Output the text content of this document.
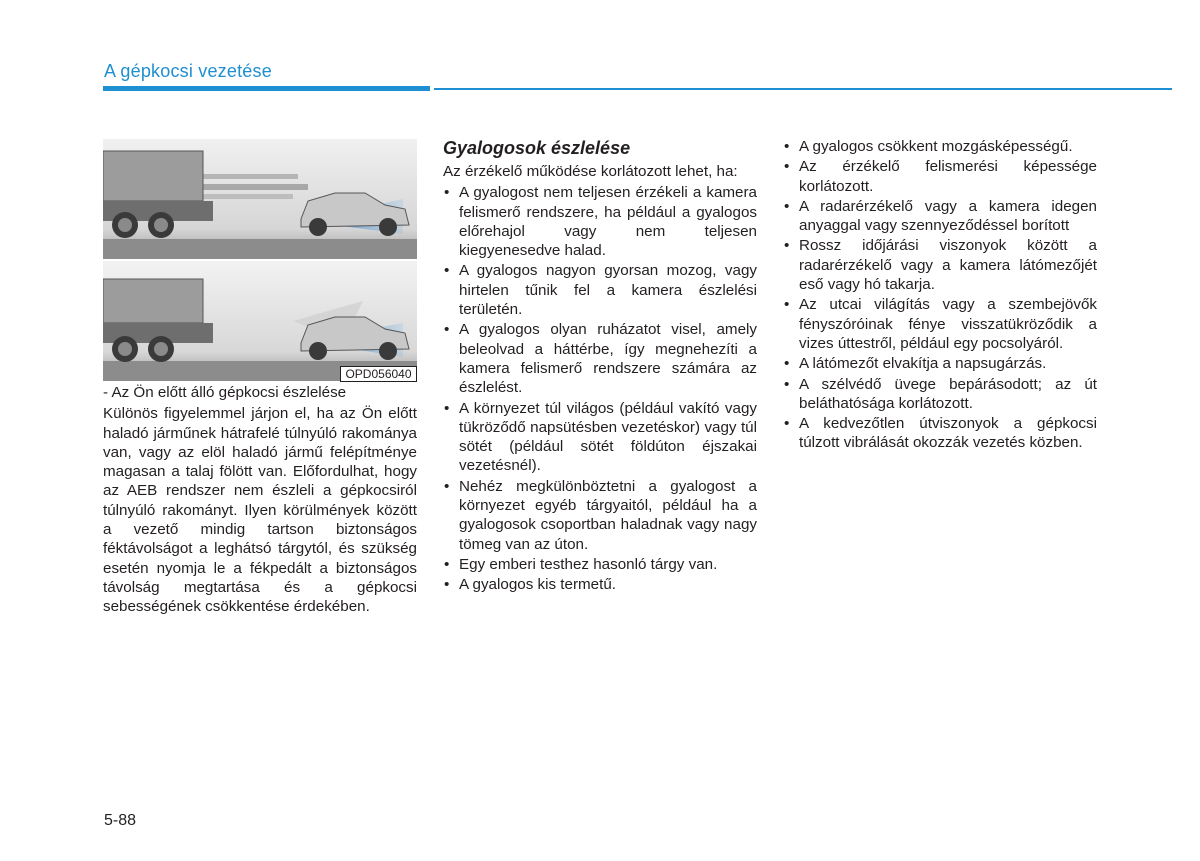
A gépkocsi vezetése
OPD056040
- Az Ön előtt álló gépkocsi észlelése
Különös figyelemmel járjon el, ha az Ön előtt haladó járműnek hátrafelé túlnyúló rakománya van, vagy az elöl haladó jármű felépítménye magasan a talaj fölött van. Előfordulhat, hogy az AEB rendszer nem észleli a gépkocsiról túlnyúló rakományt. Ilyen körülmények között a vezető mindig tartson biztonságos féktávolságot a leghátsó tárgytól, és szükség esetén nyomja le a fékpedált a biztonságos távolság megtartása és a gépkocsi sebességének csökkentése érdekében.
Gyalogosok észlelése
Az érzékelő működése korlátozott lehet, ha:
• A gyalogost nem teljesen érzékeli a kamera felismerő rendszere, ha például a gyalogos előrehajol vagy nem teljesen kiegyenesedve halad.
• A gyalogos nagyon gyorsan mozog, vagy hirtelen tűnik fel a kamera észlelési területén.
• A gyalogos olyan ruházatot visel, amely beleolvad a háttérbe, így megnehezíti a kamera felismerő rendszere számára az észlelést.
• A környezet túl világos (például vakító vagy tükröződő napsütésben vezetéskor) vagy túl sötét (például sötét földúton éjszakai vezetésnél).
• Nehéz megkülönböztetni a gyalogost a környezet egyéb tárgyaitól, például ha a gyalogosok csoportban haladnak vagy nagy tömeg van az úton.
• Egy emberi testhez hasonló tárgy van.
• A gyalogos kis termetű.
• A gyalogos csökkent mozgásképességű.
• Az érzékelő felismerési képessége korlátozott.
• A radarérzékelő vagy a kamera idegen anyaggal vagy szennyeződéssel borított
• Rossz időjárási viszonyok között a radarérzékelő vagy a kamera látómezőjét eső vagy hó takarja.
• Az utcai világítás vagy a szembejövők fényszóróinak fénye visszatükröződik a vizes úttestről, például egy pocsolyáról.
• A látómezőt elvakítja a napsugárzás.
• A szélvédő üvege bepárásodott; az út beláthatósága korlátozott.
• A kedvezőtlen útviszonyok a gépkocsi túlzott vibrálását okozzák vezetés közben.
5-88
